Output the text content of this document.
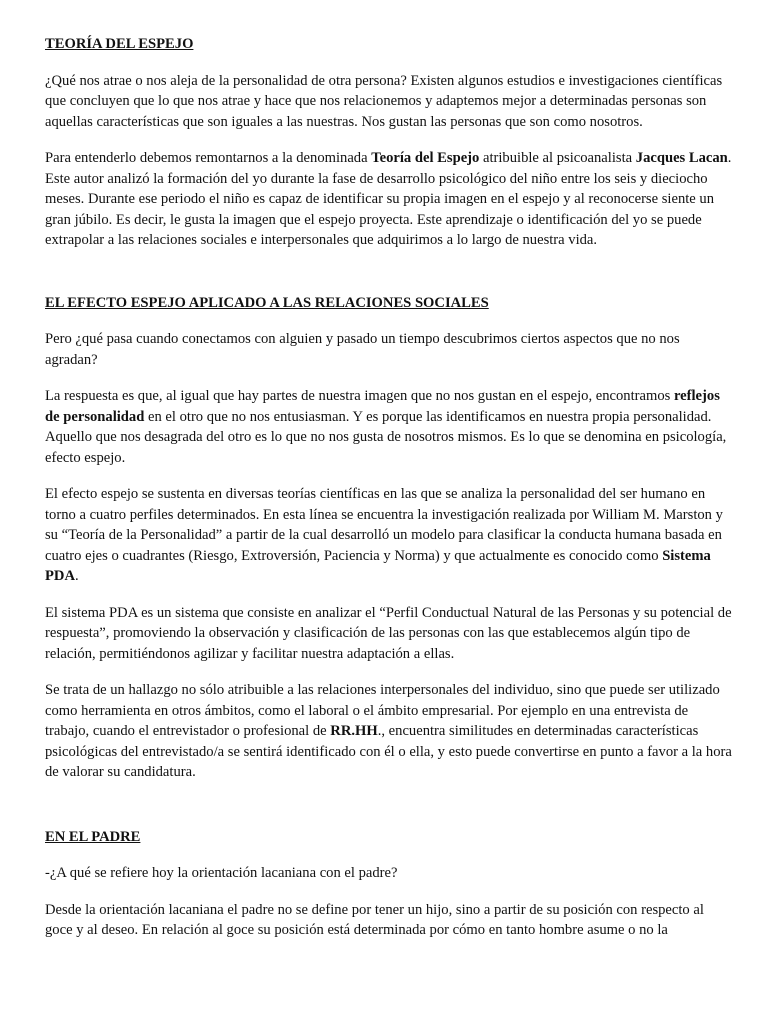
TEORÍA DEL ESPEJO

¿Qué nos atrae o nos aleja de la personalidad de otra persona? Existen algunos estudios e investigaciones científicas que concluyen que lo que nos atrae y hace que nos relacionemos y adaptemos mejor a determinadas personas son aquellas características que son iguales a las nuestras. Nos gustan las personas que son como nosotros.

Para entenderlo debemos remontarnos a la denominada Teoría del Espejo atribuible al psicoanalista Jacques Lacan. Este autor analizó la formación del yo durante la fase de desarrollo psicológico del niño entre los seis y dieciocho meses. Durante ese periodo el niño es capaz de identificar su propia imagen en el espejo y al reconocerse siente un gran júbilo. Es decir, le gusta la imagen que el espejo proyecta. Este aprendizaje o identificación del yo se puede extrapolar a las relaciones sociales e interpersonales que adquirimos a lo largo de nuestra vida.

EL EFECTO ESPEJO APLICADO A LAS RELACIONES SOCIALES

Pero ¿qué pasa cuando conectamos con alguien y pasado un tiempo descubrimos ciertos aspectos que no nos agradan?

La respuesta es que, al igual que hay partes de nuestra imagen que no nos gustan en el espejo, encontramos reflejos de personalidad en el otro que no nos entusiasman. Y es porque las identificamos en nuestra propia personalidad. Aquello que nos desagrada del otro es lo que no nos gusta de nosotros mismos. Es lo que se denomina en psicología, efecto espejo.

El efecto espejo se sustenta en diversas teorías científicas en las que se analiza la personalidad del ser humano en torno a cuatro perfiles determinados. En esta línea se encuentra la investigación realizada por William M. Marston y su “Teoría de la Personalidad” a partir de la cual desarrolló un modelo para clasificar la conducta humana basada en cuatro ejes o cuadrantes (Riesgo, Extroversión, Paciencia y Norma) y que actualmente es conocido como Sistema PDA.

El sistema PDA es un sistema que consiste en analizar el “Perfil Conductual Natural de las Personas y su potencial de respuesta”, promoviendo la observación y clasificación de las personas con las que establecemos algún tipo de relación, permitiéndonos agilizar y facilitar nuestra adaptación a ellas.

Se trata de un hallazgo no sólo atribuible a las relaciones interpersonales del individuo, sino que puede ser utilizado como herramienta en otros ámbitos, como el laboral o el ámbito empresarial. Por ejemplo en una entrevista de trabajo, cuando el entrevistador o profesional de RR.HH., encuentra similitudes en determinadas características psicológicas del entrevistado/a se sentirá identificado con él o ella, y esto puede convertirse en punto a favor a la hora de valorar su candidatura.

EN EL PADRE

-¿A qué se refiere hoy la orientación lacaniana con el padre?

Desde la orientación lacaniana el padre no se define por tener un hijo, sino a partir de su posición con respecto al goce y al deseo. En relación al goce su posición está determinada por cómo en tanto hombre asume o no la
